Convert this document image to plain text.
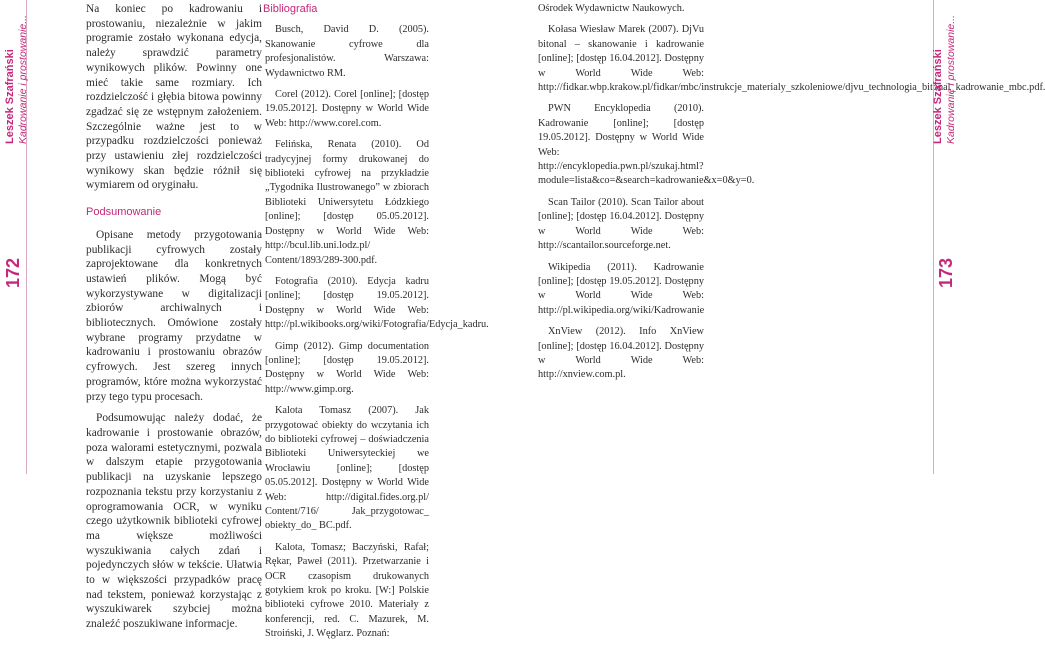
Leszek Szafrański
Kadrowanie i prostowanie...
172

Na koniec po kadrowaniu i prostowaniu, niezależnie w jakim programie zostało wykonana edycja, należy sprawdzić parametry wynikowych plików. Powinny one mieć takie same rozmiary. Ich rozdzielczość i głębia bitowa powinny zgadzać się ze wstępnym założeniem. Szczególnie ważne jest to w przypadku rozdzielczości ponieważ przy ustawieniu złej rozdzielczości wynikowy skan będzie różnił się wymiarem od oryginału.

Podsumowanie

Opisane metody przygotowania publikacji cyfrowych zostały zaprojektowane dla konkretnych ustawień plików. Mogą być wykorzystywane w digitalizacji zbiorów archiwalnych i bibliotecznych. Omówione zostały wybrane programy przydatne w kadrowaniu i prostowaniu obrazów cyfrowych. Jest szereg innych programów, które można wykorzystać przy tego typu procesach.

Podsumowując należy dodać, że kadrowanie i prostowanie obrazów, poza walorami estetycznymi, pozwala w dalszym etapie przygotowania publikacji na uzyskanie lepszego rozpoznania tekstu przy korzystaniu z oprogramowania OCR, w wyniku czego użytkownik biblioteki cyfrowej ma większe możliwości wyszukiwania całych zdań i pojedynczych słów w tekście. Ułatwia to w większości przypadków pracę nad tekstem, ponieważ korzystając z wyszukiwarek szybciej można znaleźć poszukiwane informacje.

Bibliografia

Busch, David D. (2005). Skanowanie cyfrowe dla profesjonalistów. Warszawa: Wydawnictwo RM.

Corel (2012). Corel [online]; [dostęp 19.05.2012]. Dostępny w World Wide Web: http://www.corel.com.

Felińska, Renata (2010). Od tradycyjnej formy drukowanej do biblioteki cyfrowej na przykładzie „Tygodnika Ilustrowanego” w zbiorach Biblioteki Uniwersytetu Łódzkiego [online]; [dostęp 05.05.2012]. Dostępny w World Wide Web: http://bcul.lib.uni.lodz.pl/ Content/1893/289-300.pdf.

Fotografia (2010). Edycja kadru [online]; [dostęp 19.05.2012]. Dostępny w World Wide Web: http://pl.wikibooks.org/wiki/Fotografia/Edycja_kadru.

Gimp (2012). Gimp documentation [online]; [dostęp 19.05.2012]. Dostępny w World Wide Web: http://www.gimp.org.

Kalota Tomasz (2007). Jak przygotować obiekty do wczytania ich do biblioteki cyfrowej – doświadczenia Biblioteki Uniwersyteckiej we Wrocławiu [online]; [dostęp 05.05.2012]. Dostępny w World Wide Web: http://digital.fides.org.pl/ Content/716/ Jak_przygotowac_ obiekty_do_ BC.pdf.

Kalota, Tomasz; Baczyński, Rafał; Rękar, Paweł (2011). Przetwarzanie i OCR czasopism drukowanych gotykiem krok po kroku. [W:] Polskie biblioteki cyfrowe 2010. Materiały z konferencji, red. C. Mazurek, M. Stroiński, J. Węglarz. Poznań:

Ośrodek Wydawnictw Naukowych.

Kołasa Wiesław Marek (2007). DjVu bitonal – skanowanie i kadrowanie [online]; [dostęp 16.04.2012]. Dostępny w World Wide Web: http://fidkar.wbp.krakow.pl/fidkar/mbc/instrukcje_materialy_szkoleniowe/djvu_technologia_bitonal_kadrowanie_mbc.pdf.

PWN Encyklopedia (2010). Kadrowanie [online]; [dostęp 19.05.2012]. Dostępny w World Wide Web: http://encyklopedia.pwn.pl/szukaj.html?module=lista&co=&search=kadrowanie&x=0&y=0.

Scan Tailor (2010). Scan Tailor about [online]; [dostęp 16.04.2012]. Dostępny w World Wide Web: http://scantailor.sourceforge.net.

Wikipedia (2011). Kadrowanie [online]; [dostęp 19.05.2012]. Dostępny w World Wide Web: http://pl.wikipedia.org/wiki/Kadrowanie

XnView (2012). Info XnView [online]; [dostęp 16.04.2012]. Dostępny w World Wide Web: http://xnview.com.pl.

Leszek Szafrański
Kadrowanie i prostowanie...
173
